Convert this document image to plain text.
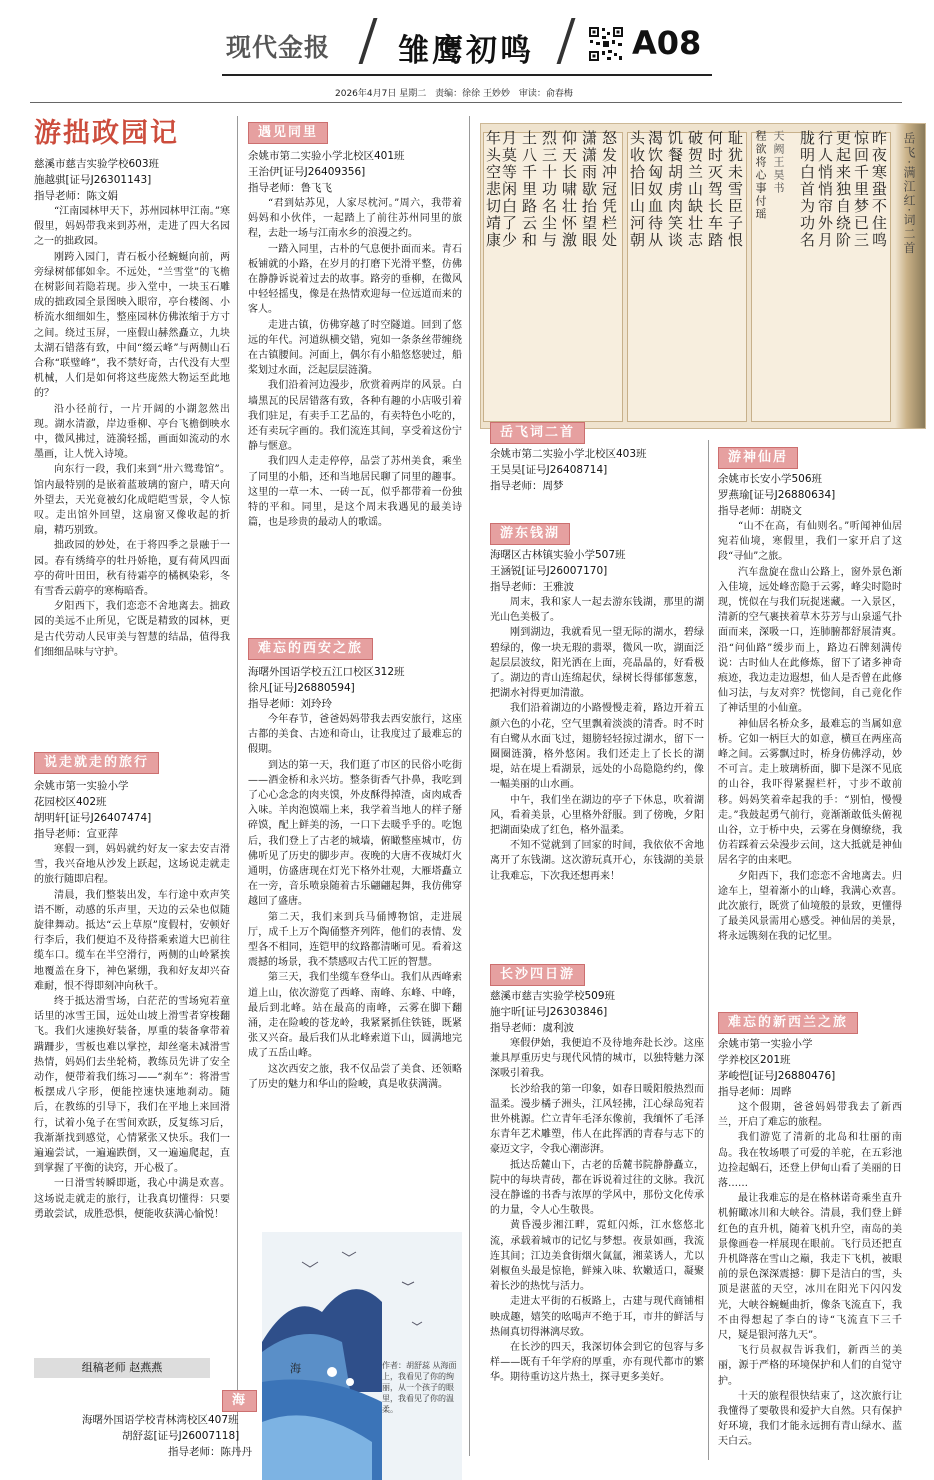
现代金报 雏鹰初鸣	A08
2026年4月7日 星期二 责编：徐徐 王妙妙 审读：俞春梅
游拙政园记
慈溪市慈吉实验学校603班
施越骐[证号J26301143]
指导老师：陈文娟

“江南园林甲天下，苏州园林甲江南。”寒假里，妈妈带我来到苏州，走进了四大名园之一的拙政园。

刚跨入园门，青石板小径蜿蜒向前，两旁绿树郁郁如伞。不远处，“兰雪堂”的飞檐在树影间若隐若现。步入堂中，一块玉石雕成的拙政园全景图映入眼帘，亭台楼阁、小桥流水细细如生，整座园林仿佛浓缩于方寸之间。绕过玉屏，一座假山赫然矗立，九块太湖石错落有致，中间“缀云峰”与两侧山石合称“联璧峰”，我不禁好奇，古代没有大型机械，人们是如何将这些庞然大物运至此地的？

沿小径前行，一片开阔的小湖忽然出现。湖水清澈，岸边垂柳、亭台飞檐倒映水中，微风拂过，涟漪轻摇，画面如流动的水墨画，让人恍入诗境。

向东行一段，我们来到“卅六鸳鸯馆”。馆内最特别的是嵌着蓝玻璃的窗户，晴天向外望去，天光竟被幻化成皑皑雪景，令人惊叹。走出馆外回望，这扇窗又像收起的折扇，精巧别致。

拙政园的妙处，在于将四季之景融于一园。春有绣绮亭的牡丹娇艳，夏有荷风四面亭的荷叶田田，秋有待霜亭的橘枫染彩，冬有雪香云蔚亭的寒梅暗香。

夕阳西下，我们恋恋不舍地离去。拙政园的美远不止所见，它既是精致的园林，更是古代劳动人民审美与智慧的结晶，值得我们细细品味与守护。

说走就走的旅行
余姚市第一实验小学
花园校区402班
胡明轩[证号J26407474]
指导老师：宣亚萍

寒假一到，妈妈就约好友一家去安吉滑雪，我兴奋地从沙发上跃起，这场说走就走的旅行随即启程。

清晨，我们整装出发，车行途中欢声笑语不断，动感的乐声里，天边的云朵也似随旋律舞动。抵达“云上草原”度假村，安顿好行李后，我们便迫不及待搭乘索道大巴前往缆车口。缆车在半空滑行，两侧的山岭紧挨地覆盖在身下，神色紧绷，我和好友却兴奋难耐，恨不得即刻冲向秋千。

终于抵达滑雪场，白茫茫的雪场宛若童话里的冰雪王国，远处山坡上滑雪者穿梭翻飞。我们火速换好装备，厚重的装备拿带着蹒跚步，雪板也难以掌控，却丝毫未减滑雪热情，妈妈们去坐轮椅，教练员先讲了安全动作，便带着我们练习——“刹车”：将滑雪板摆成八字形，便能控速快速地刹动。随后，在教练的引导下，我们在平地上来回滑行，试着小兔子在雪间欢跃，反复练习后，我渐渐找到感觉，心情紧张又快乐。我们一遍遍尝试，一遍遍跌倒，又一遍遍爬起，直到掌握了平衡的诀窍，开心极了。

一日滑雪转瞬即逝，我心中满是欢喜。这场说走就走的旅行，让我真切懂得：只要勇敢尝试，成胜恐惧，便能收获满心愉悦！

组稿老师 赵燕燕
遇见同里
余姚市第二实验小学北校区401班
王治伊[证号J26409356]
指导老师：鲁飞飞

“君到姑苏见，人家尽枕河。”周六，我带着妈妈和小伙伴，一起踏上了前往苏州同里的旅程，去赴一场与江南水乡的浪漫之约。

一踏入同里，古朴的气息便扑面而来。青石板铺就的小路，在岁月的打磨下光滑平整，仿佛在静静诉说着过去的故事。路旁的垂柳，在微风中轻轻摇曳，像是在热情欢迎每一位远道而来的客人。

走进古镇，仿佛穿越了时空隧道。回到了悠远的年代。河道纵横交错，宛如一条条丝带缠绕在古镇腰间。河面上，偶尔有小船悠悠驶过，船桨划过水面，泛起层层涟漪。

我们沿着河边漫步，欣赏着两岸的风景。白墙黑瓦的民居错落有致，各种有趣的小店吸引着我们驻足，有卖手工艺品的，有卖特色小吃的，还有卖玩字画的。我们流连其间，享受着这份宁静与惬意。

我们四人走走停停，品尝了苏州美食，乘坐了同里的小船，还和当地居民聊了同里的趣事。这里的一草一木、一砖一瓦，似乎都带着一份独特的平和。同里，是这个周末我遇见的最美诗篇，也是珍贵的最动人的歌谣。

难忘的西安之旅
海曙外国语学校五江口校区312班
徐凡[证号J26880594]
指导老师：刘玲玲

今年春节，爸爸妈妈带我去西安旅行，这座古都的美食、古迹和奇山，让我度过了最难忘的假期。

到达的第一天，我们逛了市区的民俗小吃街——酒金桥和永兴坊。整条街香气扑鼻，我吃到了心心念念的肉夹馍，外皮酥得掉渣，卤肉咸香入味。羊肉泡馍端上来，我学着当地人的样子掰碎馍，配上鲜美的汤，一口下去暖乎乎的。吃饱后，我们登上了古老的城墙，俯瞰整座城市，仿佛听见了历史的脚步声。夜晚的大唐不夜城灯火通明，仿盛唐现在灯光下格外壮观，大雁塔矗立在一旁，音乐喷泉随着古乐翩翩起舞，我仿佛穿越回了盛唐。

第二天，我们来到兵马俑博物馆，走进展厅，成千上万个陶俑整齐列阵，他们的表情、发型各不相同，连铠甲的纹路都清晰可见。看着这震撼的场景，我不禁感叹古代工匠的智慧。

第三天，我们坐缆车登华山。我们从西峰索道上山，依次游览了西峰、南峰、东峰、中峰，最后到北峰。站在最高的南峰，云雾在脚下翻涌，走在险峻的苍龙岭，我紧紧抓住铁链，既紧张又兴奋。最后我们从北峰索道下山，圆满地完成了五岳山峰。

这次西安之旅，我不仅品尝了美食、还领略了历史的魅力和华山的险峻，真是收获满满。

海	作者：胡舒蕊 从海面上，我看见了你的绚丽，从一个孩子的眼里，我看见了你的温柔。
海
海曙外国语学校青林湾校区407班
胡舒蕊[证号J26007118]
指导老师：陈丹丹
怒发冲冠凭栏处
潇潇雨歇抬望眼
仰天长啸壮怀激
烈三十功名尘与
土八千里路云和
月莫等闲白了少
年头空悲切靖康	耻犹未雪臣子恨
何时灭驾长车踏
破贺兰山缺壮志
饥餐胡虏肉笑谈
渴饮匈奴血待从
头收拾旧山河朝	天阙王昊书	昨夜寒蛩不住鸣
惊回千里梦已三
更起来独自绕阶
行人悄悄帘外月
胧明白首为功名
程欲将心事付瑶	岳飞·满江红·词二首
岳飞词二首
余姚市第二实验小学北校区403班
王昊昊[证号J26408714]
指导老师：周梦
游东钱湖
海曙区古林镇实验小学507班
王涵锐[证号J26007170]
指导老师：王雅波

周末，我和家人一起去游东钱湖，那里的湖光山色美极了。

刚到湖边，我就看见一望无际的湖水，碧绿碧绿的，像一块无瑕的翡翠，微风一吹，湖面泛起层层波纹，阳光洒在上面，亮晶晶的，好看极了。湖边的青山连绵起伏，绿树长得郁郁葱葱，把湖水衬得更加清澈。

我们沿着湖边的小路慢慢走着，路边开着五颜六色的小花，空气里飘着淡淡的清香。时不时有白鹭从水面飞过，翅膀轻轻掠过湖水，留下一圈圈涟漪，格外悠闲。我们还走上了长长的湖堤，站在堤上看湖景，远处的小岛隐隐约约，像一幅美丽的山水画。

中午，我们坐在湖边的亭子下休息，吹着湖风，看着美景，心里格外舒服。到了傍晚，夕阳把湖面染成了红色，格外温柔。

不知不觉就到了回家的时间，我依依不舍地离开了东钱湖。这次游玩真开心，东钱湖的美景让我难忘，下次我还想再来！

长沙四日游
慈溪市慈吉实验学校509班
施宇昕[证号J26303846]
指导老师：虞利波

寒假伊始，我便迫不及待地奔赴长沙。这座兼具厚重历史与现代风情的城市，以独特魅力深深吸引着我。

长沙给我的第一印象，如春日暖阳般热烈而温柔。漫步橘子洲头，江风轻拂，江心绿岛宛若世外桃源。伫立青年毛泽东像前，我缅怀了毛泽东青年艺术雕塑，伟人在此挥洒的青春与志下的豪迈文字，令我心潮澎湃。

抵达岳麓山下，古老的岳麓书院静静矗立，院中的每块青砖，都在诉说着过往的文脉。我沉浸在静谧的书香与浓厚的学风中，那份文化传承的力量，令人心生敬畏。

黄昏漫步湘江畔，霓虹闪烁，江水悠悠北流，承载着城市的记忆与梦想。夜景如画，我流连其间；江边美食街烟火氤氲，湘菜诱人，尤以剁椒鱼头最是惊艳，鲜辣入味、软嫩适口，凝聚着长沙的热忱与活力。

走进太平街的石板路上，古建与现代商铺相映成趣，嬉笑的吆喝声不绝于耳，市井的鲜活与热闹真切得淋漓尽致。

在长沙的四天，我深切体会到它的包容与多样——既有千年学府的厚重，亦有现代都市的繁华。期待重访这片热土，探寻更多美好。

游神仙居
余姚市长安小学506班
罗燕瑜[证号J26880634]
指导老师：胡晓文

“山不在高，有仙则名。”听闻神仙居宛若仙境，寒假里，我们一家开启了这段“寻仙”之旅。

汽车盘旋在盘山公路上，窗外景色渐入佳境，远处峰峦隐于云雾，峰尖时隐时现，恍似在与我们玩捉迷藏。一入景区，清新的空气裹挟着草木芬芳与山泉遥气扑面而来，深吸一口，连肺腑都舒展清爽。沿“问仙路”缓步而上，路边石牌刻满传说：古时仙人在此修炼，留下了诸多神奇痕迹，我边走边遐想，仙人是否曾在此修仙习法，与友对弈？恍惚间，自己竟化作了神话里的小仙童。

神仙居名桥众多，最难忘的当属如意桥。它如一柄巨大的如意，横亘在两座高峰之间。云雾飘过时，桥身仿佛浮动，妙不可言。走上玻璃桥面，脚下是深不见底的山谷，我吓得紧握栏杆，寸步不敢前移。妈妈笑着牵起我的手：“别怕，慢慢走。”我鼓起勇气前行，竟渐渐敢低头俯视山谷，立于桥中央，云雾在身侧缭绕，我仿若踩着云朵漫步云间，这大抵就是神仙居名字的由来吧。

夕阳西下，我们恋恋不舍地离去。归途车上，望着渐小的山峰，我满心欢喜。此次旅行，既赏了仙境般的景致，更懂得了最美风景需用心感受。神仙居的美景，将永远镌刻在我的记忆里。

难忘的新西兰之旅
余姚市第一实验小学
学养校区201班
茅峻恺[证号J26880476]
指导老师：周晔

这个假期，爸爸妈妈带我去了新西兰，开启了难忘的旅程。

我们游览了清新的北岛和壮丽的南岛。我在牧场喂了可爱的羊驼，在五彩池边捡起蜗石，还登上伊甸山看了美丽的日落……

最让我难忘的是在格林诺奇乘坐直升机俯瞰冰川和大峡谷。清晨，我们登上鲜红色的直升机，随着飞机升空，南岛的美景像画卷一样展现在眼前。飞行员还把直升机降落在雪山之巅，我走下飞机，被眼前的景色深深震撼：脚下是洁白的雪，头顶是湛蓝的天空，冰川在阳光下闪闪发光，大峡谷蜿蜒曲折，像条飞流直下，我不由得想起了李白的诗“飞流直下三千尺，疑是银河落九天”。

飞行员叔叔告诉我们，新西兰的美丽，源于严格的环境保护和人们的自觉守护。

十天的旅程很快结束了，这次旅行让我懂得了要敬畏和爱护大自然。只有保护好环境，我们才能永远拥有青山绿水、蓝天白云。
